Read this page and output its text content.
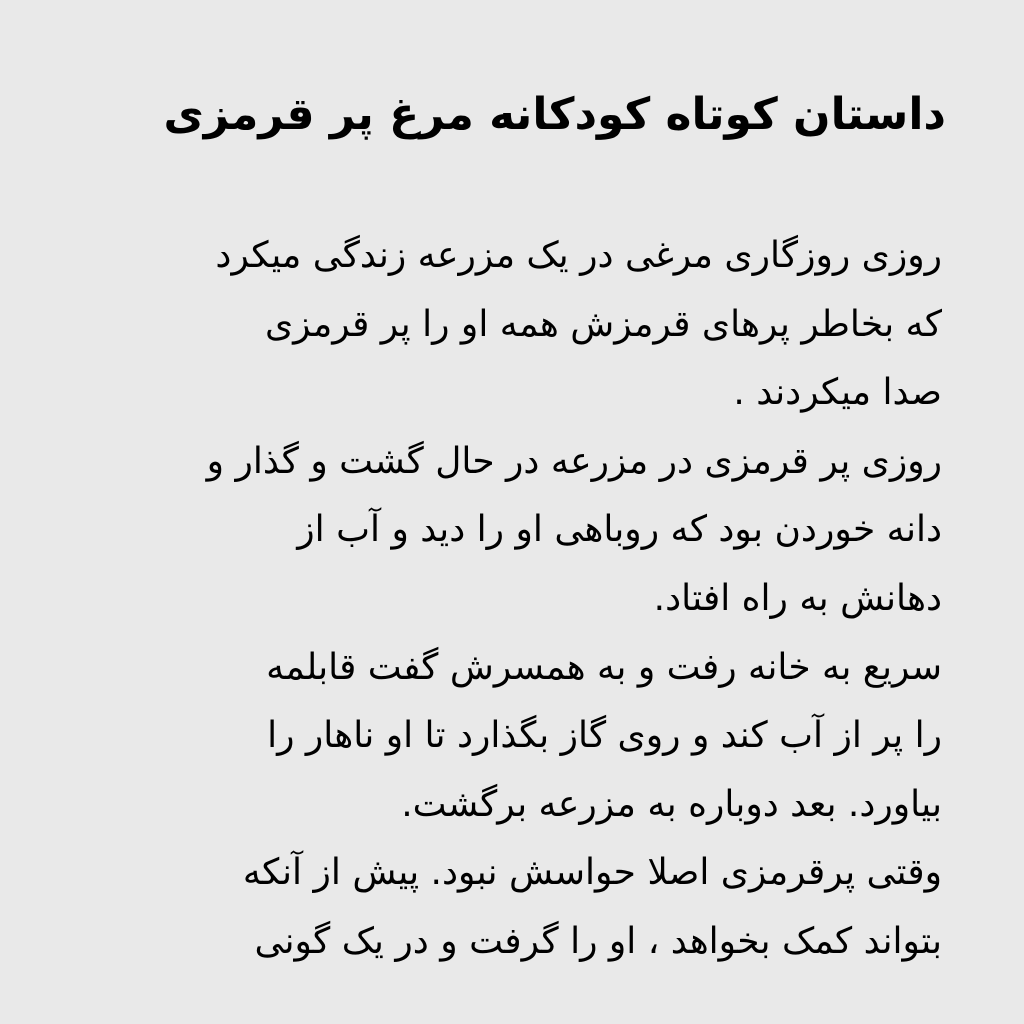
داستان کوتاه کودکانه مرغ پر قرمزی
روزی روزگاری مرغی در یک مزرعه زندگی میکرد
که بخاطر پرهای قرمزش همه او را پر قرمزی
صدا میکردند .
روزی پر قرمزی در مزرعه در حال گشت و گذار و
دانه خوردن بود که روباهی او را دید و آب از
دهانش به راه افتاد.
سریع به خانه رفت و به همسرش گفت قابلمه
را پر از آب کند و روی گاز بگذارد تا او ناهار را
بیاورد. بعد دوباره به مزرعه برگشت.
وقتی پرقرمزی اصلا حواسش نبود. پیش از آنکه
بتواند کمک بخواهد ، او را گرفت و در یک گونی
